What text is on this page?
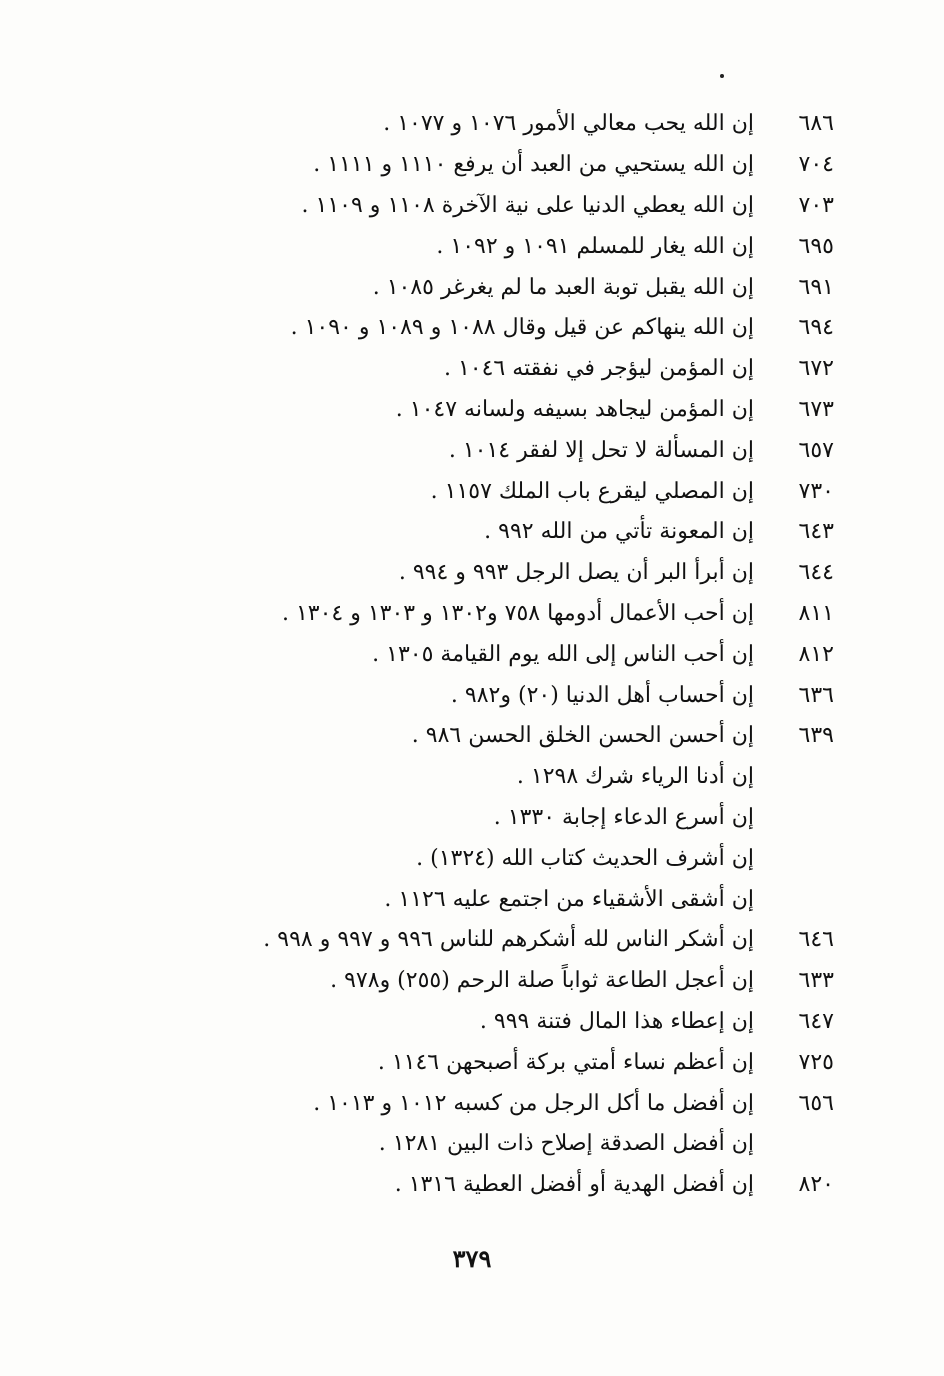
٦٨٦
إن الله يحب معالي الأمور ١٠٧٦ و ١٠٧٧ .
٧٠٤
إن الله يستحيي من العبد أن يرفع ١١١٠ و ١١١١ .
٧٠٣
إن الله يعطي الدنيا على نية الآخرة ١١٠٨ و ١١٠٩ .
٦٩٥
إن الله يغار للمسلم ١٠٩١ و ١٠٩٢ .
٦٩١
إن الله يقبل توبة العبد ما لم يغرغر ١٠٨٥ .
٦٩٤
إن الله ينهاكم عن قيل وقال ١٠٨٨ و ١٠٨٩ و ١٠٩٠ .
٦٧٢
إن المؤمن ليؤجر في نفقته ١٠٤٦ .
٦٧٣
إن المؤمن ليجاهد بسيفه ولسانه ١٠٤٧ .
٦٥٧
إن المسألة لا تحل إلا لفقر ١٠١٤ .
٧٣٠
إن المصلي ليقرع باب الملك ١١٥٧ .
٦٤٣
إن المعونة تأتي من الله ٩٩٢ .
٦٤٤
إن أبرأ البر أن يصل الرجل ٩٩٣ و ٩٩٤ .
٨١١
إن أحب الأعمال أدومها ٧٥٨ و١٣٠٢ و ١٣٠٣ و ١٣٠٤ .
٨١٢
إن أحب الناس إلى الله يوم القيامة ١٣٠٥ .
٦٣٦
إن أحساب أهل الدنيا (٢٠) و٩٨٢ .
٦٣٩
إن أحسن الحسن الخلق الحسن ٩٨٦ .
إن أدنا الرياء شرك ١٢٩٨ .
إن أسرع الدعاء إجابة ١٣٣٠ .
إن أشرف الحديث كتاب الله (١٣٢٤) .
إن أشقى الأشقياء من اجتمع عليه ١١٢٦ .
٦٤٦
إن أشكر الناس لله أشكرهم للناس ٩٩٦ و ٩٩٧ و ٩٩٨ .
٦٣٣
إن أعجل الطاعة ثواباً صلة الرحم (٢٥٥) و٩٧٨ .
٦٤٧
إن إعطاء هذا المال فتنة ٩٩٩ .
٧٢٥
إن أعظم نساء أمتي بركة أصبحهن ١١٤٦ .
٦٥٦
إن أفضل ما أكل الرجل من كسبه ١٠١٢ و ١٠١٣ .
إن أفضل الصدقة إصلاح ذات البين ١٢٨١ .
٨٢٠
إن أفضل الهدية أو أفضل العطية ١٣١٦ .
٣٧٩
